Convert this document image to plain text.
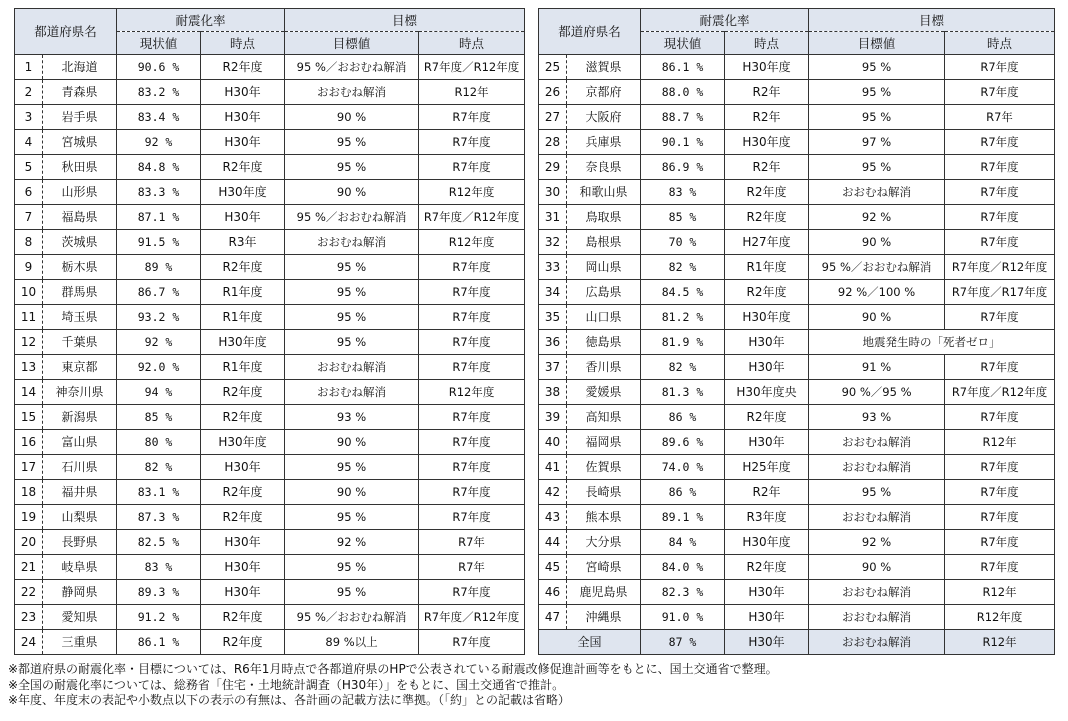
都道府県名		耐震化率		目標	
		現状値	時点	目標値	時点
1	北海道	90.6 %	R2年度	95 %／おおむね解消	R7年度／R12年度
2	青森県	83.2 %	H30年	おおむね解消	R12年
3	岩手県	83.4 %	H30年	90 %	R7年度
4	宮城県	92 %	H30年	95 %	R7年度
5	秋田県	84.8 %	R2年度	95 %	R7年度
6	山形県	83.3 %	H30年度	90 %	R12年度
7	福島県	87.1 %	H30年	95 %／おおむね解消	R7年度／R12年度
8	茨城県	91.5 %	R3年	おおむね解消	R12年度
9	栃木県	89 %	R2年度	95 %	R7年度
10	群馬県	86.7 %	R1年度	95 %	R7年度
11	埼玉県	93.2 %	R1年度	95 %	R7年度
12	千葉県	92 %	H30年度	95 %	R7年度
13	東京都	92.0 %	R1年度	おおむね解消	R7年度
14	神奈川県	94 %	R2年度	おおむね解消	R12年度
15	新潟県	85 %	R2年度	93 %	R7年度
16	富山県	80 %	H30年度	90 %	R7年度
17	石川県	82 %	H30年	95 %	R7年度
18	福井県	83.1 %	R2年度	90 %	R7年度
19	山梨県	87.3 %	R2年度	95 %	R7年度
20	長野県	82.5 %	H30年	92 %	R7年
21	岐阜県	83 %	H30年	95 %	R7年
22	静岡県	89.3 %	H30年	95 %	R7年度
23	愛知県	91.2 %	R2年度	95 %／おおむね解消	R7年度／R12年度
24	三重県	86.1 %	R2年度	89 %以上	R7年度
都道府県名		耐震化率		目標	
		現状値	時点	目標値	時点
25	滋賀県	86.1 %	H30年度	95 %	R7年度
26	京都府	88.0 %	R2年	95 %	R7年度
27	大阪府	88.7 %	R2年	95 %	R7年
28	兵庫県	90.1 %	H30年度	97 %	R7年度
29	奈良県	86.9 %	R2年	95 %	R7年度
30	和歌山県	83 %	R2年度	おおむね解消	R7年度
31	鳥取県	85 %	R2年度	92 %	R7年度
32	島根県	70 %	H27年度	90 %	R7年度
33	岡山県	82 %	R1年度	95 %／おおむね解消	R7年度／R12年度
34	広島県	84.5 %	R2年度	92 %／100 %	R7年度／R17年度
35	山口県	81.2 %	H30年度	90 %	R7年度
36	徳島県	81.9 %	H30年	地震発生時の「死者ゼロ」	
37	香川県	82 %	H30年	91 %	R7年度
38	愛媛県	81.3 %	H30年度央	90 %／95 %	R7年度／R12年度
39	高知県	86 %	R2年度	93 %	R7年度
40	福岡県	89.6 %	H30年	おおむね解消	R12年
41	佐賀県	74.0 %	H25年度	おおむね解消	R7年度
42	長崎県	86 %	R2年	95 %	R7年度
43	熊本県	89.1 %	R3年度	おおむね解消	R7年度
44	大分県	84 %	H30年度	92 %	R7年度
45	宮崎県	84.0 %	R2年度	90 %	R7年度
46	鹿児島県	82.3 %	H30年	おおむね解消	R12年
47	沖縄県	91.0 %	H30年	おおむね解消	R12年度
全国		87 %	H30年	おおむね解消	R12年
※都道府県の耐震化率・目標については、R6年1月時点で各都道府県のHPで公表されている耐震改修促進計画等をもとに、国土交通省で整理。
※全国の耐震化率については、総務省「住宅・土地統計調査（H30年）」をもとに、国土交通省で推計。
※年度、年度末の表記や小数点以下の表示の有無は、各計画の記載方法に準拠。（「約」との記載は省略）
